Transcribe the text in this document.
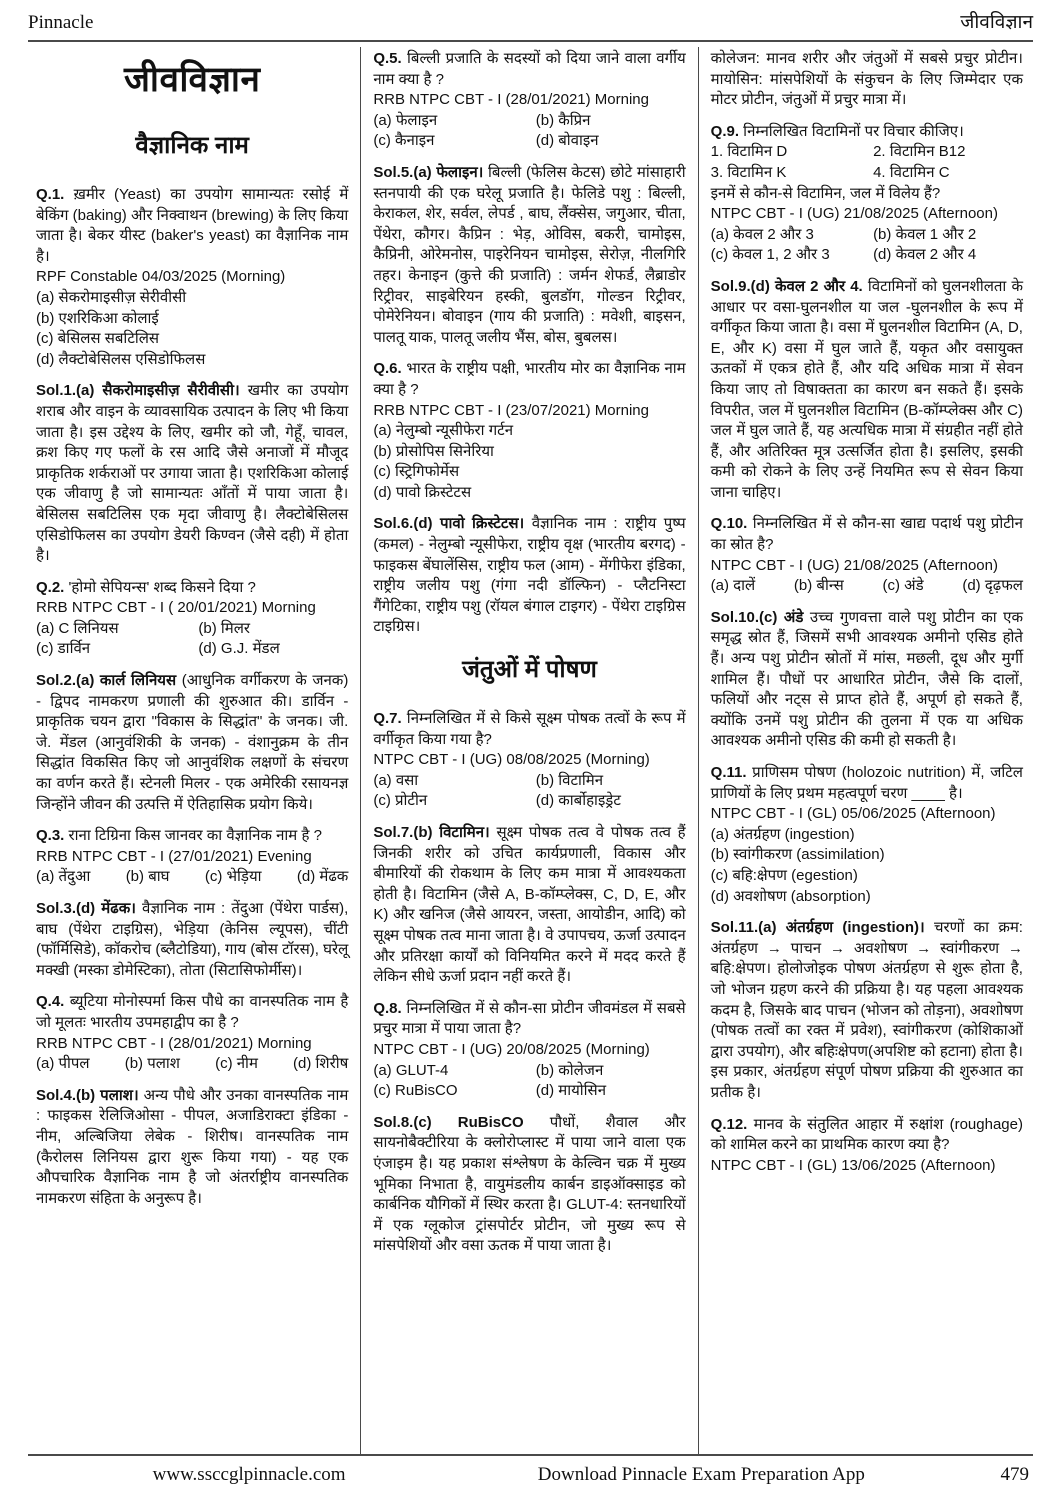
Pinnacle	जीवविज्ञान
जीवविज्ञान
वैज्ञानिक नाम

Q.1. ख़मीर (Yeast) का उपयोग सामान्यतः रसोई में बेकिंग (baking) और निक्वाथन (brewing) के लिए किया जाता है। बेकर यीस्ट (baker's yeast) का वैज्ञानिक नाम है।

RPF Constable 04/03/2025 (Morning)

(a) सेकरोमाइसीज़ सेरीवीसी
(b) एशरिकिआ कोलाई
(c) बेसिलस सबटिलिस
(d) लैक्टोबेसिलस एसिडोफिलस

Sol.1.(a) सैकरोमाइसीज़ सैरीवीसी। खमीर का उपयोग शराब और वाइन के व्यावसायिक उत्पादन के लिए भी किया जाता है। इस उद्देश्य के लिए, खमीर को जौ, गेहूँ, चावल, क्रश किए गए फलों के रस आदि जैसे अनाजों में मौजूद प्राकृतिक शर्कराओं पर उगाया जाता है। एशरिकिआ कोलाई एक जीवाणु है जो सामान्यतः आँतों में पाया जाता है। बेसिलस सबटिलिस एक मृदा जीवाणु है। लैक्टोबेसिलस एसिडोफिलस का उपयोग डेयरी किण्वन (जैसे दही) में होता है।

Q.2. 'होमो सेपियन्स' शब्द किसने दिया ?

RRB NTPC CBT - I ( 20/01/2021) Morning

(a) C लिनियस	(b) मिलर
(c) डार्विन	(d) G.J. मेंडल

Sol.2.(a) कार्ल लिनियस (आधुनिक वर्गीकरण के जनक) - द्विपद नामकरण प्रणाली की शुरुआत की। डार्विन - प्राकृतिक चयन द्वारा "विकास के सिद्धांत" के जनक। जी. जे. मेंडल (आनुवंशिकी के जनक) - वंशानुक्रम के तीन सिद्धांत विकसित किए जो आनुवंशिक लक्षणों के संचरण का वर्णन करते हैं। स्टेनली मिलर - एक अमेरिकी रसायनज्ञ जिन्होंने जीवन की उत्पत्ति में ऐतिहासिक प्रयोग किये।

Q.3. राना टिग्रिना किस जानवर का वैज्ञानिक नाम है ?

RRB NTPC CBT - I (27/01/2021) Evening

(a) तेंदुआ (b) बाघ (c) भेड़िया (d) मेंढक

Sol.3.(d) मेंढक। वैज्ञानिक नाम : तेंदुआ (पेंथेरा पार्डस), बाघ (पेंथेरा टाइग्रिस), भेड़िया (केनिस ल्यूपस), चींटी (फॉर्मिसिडे), कॉकरोच (ब्लैटोडिया), गाय (बोस टॉरस), घरेलू मक्खी (मस्का डोमेस्टिका), तोता (सिटासिफोर्मीस)।

Q.4. ब्यूटिया मोनोस्पर्मा किस पौधे का वानस्पतिक नाम है जो मूलतः भारतीय उपमहाद्वीप का है ?

RRB NTPC CBT - I (28/01/2021) Morning

(a) पीपल (b) पलाश (c) नीम (d) शिरीष

Sol.4.(b) पलाश। अन्य पौधे और उनका वानस्पतिक नाम : फाइकस रेलिजिओसा - पीपल, अजाडिराक्टा इंडिका - नीम, अल्बिजिया लेबेक - शिरीष। वानस्पतिक नाम (कैरोलस लिनियस द्वारा शुरू किया गया) - यह एक औपचारिक वैज्ञानिक नाम है जो अंतर्राष्ट्रीय वानस्पतिक नामकरण संहिता के अनुरूप है।

Q.5. बिल्ली प्रजाति के सदस्यों को दिया जाने वाला वर्गीय नाम क्या है ?

RRB NTPC CBT - I (28/01/2021) Morning

(a) फेलाइन	(b) कैप्रिन
(c) कैनाइन	(d) बोवाइन

Sol.5.(a) फेलाइन। बिल्ली (फेलिस केटस) छोटे मांसाहारी स्तनपायी की एक घरेलू प्रजाति है। फेलिडे पशु : बिल्ली, केराकल, शेर, सर्वल, लेपर्ड , बाघ, लैंक्सेस, जगुआर, चीता, पेंथेरा, कौगर। कैप्रिन : भेड़, ओविस, बकरी, चामोइस, कैप्रिनी, ओरेमनोस, पाइरेनियन चामोइस, सेरोज़, नीलगिरि तहर। केनाइन (कुत्ते की प्रजाति) : जर्मन शेफर्ड, लैब्राडोर रिट्रीवर, साइबेरियन हस्की, बुलडॉग, गोल्डन रिट्रीवर, पोमेरेनियन। बोवाइन (गाय की प्रजाति) : मवेशी, बाइसन, पालतू याक, पालतू जलीय भैंस, बोस, बुबलस।

Q.6. भारत के राष्ट्रीय पक्षी, भारतीय मोर का वैज्ञानिक नाम क्या है ?

RRB NTPC CBT - I (23/07/2021) Morning

(a) नेलुम्बो न्यूसीफेरा गर्टन
(b) प्रोसोपिस सिनेरिया
(c) स्ट्रिगिफोर्मेस
(d) पावो क्रिस्टेटस

Sol.6.(d) पावो क्रिस्टेटस। वैज्ञानिक नाम : राष्ट्रीय पुष्प (कमल) - नेलुम्बो न्यूसीफेरा, राष्ट्रीय वृक्ष (भारतीय बरगद) - फाइकस बेंघालेंसिस, राष्ट्रीय फल (आम) - मेंगीफेरा इंडिका, राष्ट्रीय जलीय पशु (गंगा नदी डॉल्फिन) - प्लैटनिस्टा गैंगेटिका, राष्ट्रीय पशु (रॉयल बंगाल टाइगर) - पेंथेरा टाइग्रिस टाइग्रिस।

जंतुओं में पोषण

Q.7. निम्नलिखित में से किसे सूक्ष्म पोषक तत्वों के रूप में वर्गीकृत किया गया है?

NTPC CBT - I (UG) 08/08/2025 (Morning)

(a) वसा	(b) विटामिन
(c) प्रोटीन	(d) कार्बोहाइड्रेट

Sol.7.(b) विटामिन। सूक्ष्म पोषक तत्व वे पोषक तत्व हैं जिनकी शरीर को उचित कार्यप्रणाली, विकास और बीमारियों की रोकथाम के लिए कम मात्रा में आवश्यकता होती है। विटामिन (जैसे A, B-कॉम्प्लेक्स, C, D, E, और K) और खनिज (जैसे आयरन, जस्ता, आयोडीन, आदि) को सूक्ष्म पोषक तत्व माना जाता है। वे उपापचय, ऊर्जा उत्पादन और प्रतिरक्षा कार्यों को विनियमित करने में मदद करते हैं लेकिन सीधे ऊर्जा प्रदान नहीं करते हैं।

Q.8. निम्नलिखित में से कौन-सा प्रोटीन जीवमंडल में सबसे प्रचुर मात्रा में पाया जाता है?

NTPC CBT - I (UG) 20/08/2025 (Morning)

(a) GLUT-4	(b) कोलेजन
(c) RuBisCO	(d) मायोसिन

Sol.8.(c) RuBisCO पौधों, शैवाल और सायनोबैक्टीरिया के क्लोरोप्लास्ट में पाया जाने वाला एक एंजाइम है। यह प्रकाश संश्लेषण के केल्विन चक्र में मुख्य भूमिका निभाता है, वायुमंडलीय कार्बन डाइऑक्साइड को कार्बनिक यौगिकों में स्थिर करता है। GLUT-4: स्तनधारियों में एक ग्लूकोज ट्रांसपोर्टर प्रोटीन, जो मुख्य रूप से मांसपेशियों और वसा ऊतक में पाया जाता है।

कोलेजन: मानव शरीर और जंतुओं में सबसे प्रचुर प्रोटीन। मायोसिन: मांसपेशियों के संकुचन के लिए जिम्मेदार एक मोटर प्रोटीन, जंतुओं में प्रचुर मात्रा में।

Q.9. निम्नलिखित विटामिनों पर विचार कीजिए।

1. विटामिन D	2. विटामिन B12
3. विटामिन K	4. विटामिन C

इनमें से कौन-से विटामिन, जल में विलेय हैं?

NTPC CBT - I (UG) 21/08/2025 (Afternoon)

(a) केवल 2 और 3	(b) केवल 1 और 2
(c) केवल 1, 2 और 3	(d) केवल 2 और 4

Sol.9.(d) केवल 2 और 4. विटामिनों को घुलनशीलता के आधार पर वसा-घुलनशील या जल -घुलनशील के रूप में वर्गीकृत किया जाता है। वसा में घुलनशील विटामिन (A, D, E, और K) वसा में घुल जाते हैं, यकृत और वसायुक्त ऊतकों में एकत्र होते हैं, और यदि अधिक मात्रा में सेवन किया जाए तो विषाक्तता का कारण बन सकते हैं। इसके विपरीत, जल में घुलनशील विटामिन (B-कॉम्प्लेक्स और C) जल में घुल जाते हैं, यह अत्यधिक मात्रा में संग्रहीत नहीं होते हैं, और अतिरिक्त मूत्र उत्सर्जित होता है। इसलिए, इसकी कमी को रोकने के लिए उन्हें नियमित रूप से सेवन किया जाना चाहिए।

Q.10. निम्नलिखित में से कौन-सा खाद्य पदार्थ पशु प्रोटीन का स्रोत है?

NTPC CBT - I (UG) 21/08/2025 (Afternoon)

(a) दालें	(b) बीन्स	(c) अंडे	(d) दृढ़फल

Sol.10.(c) अंडे उच्च गुणवत्ता वाले पशु प्रोटीन का एक समृद्ध स्रोत हैं, जिसमें सभी आवश्यक अमीनो एसिड होते हैं। अन्य पशु प्रोटीन स्रोतों में मांस, मछली, दूध और मुर्गी शामिल हैं। पौधों पर आधारित प्रोटीन, जैसे कि दालों, फलियों और नट्स से प्राप्त होते हैं, अपूर्ण हो सकते हैं, क्योंकि उनमें पशु प्रोटीन की तुलना में एक या अधिक आवश्यक अमीनो एसिड की कमी हो सकती है।

Q.11. प्राणिसम पोषण (holozoic nutrition) में, जटिल प्राणियों के लिए प्रथम महत्वपूर्ण चरण ____ है।

NTPC CBT - I (GL) 05/06/2025 (Afternoon)

(a) अंतर्ग्रहण (ingestion)
(b) स्वांगीकरण (assimilation)
(c) बहि:क्षेपण (egestion)
(d) अवशोषण (absorption)

Sol.11.(a) अंतर्ग्रहण (ingestion)। चरणों का क्रम: अंतर्ग्रहण → पाचन → अवशोषण → स्वांगीकरण → बहि:क्षेपण। होलोजोइक पोषण अंतर्ग्रहण से शुरू होता है, जो भोजन ग्रहण करने की प्रक्रिया है। यह पहला आवश्यक कदम है, जिसके बाद पाचन (भोजन को तोड़ना), अवशोषण (पोषक तत्वों का रक्त में प्रवेश), स्वांगीकरण (कोशिकाओं द्वारा उपयोग), और बहिःक्षेपण(अपशिष्ट को हटाना) होता है। इस प्रकार, अंतर्ग्रहण संपूर्ण पोषण प्रक्रिया की शुरुआत का प्रतीक है।

Q.12. मानव के संतुलित आहार में रुक्षांश (roughage) को शामिल करने का प्राथमिक कारण क्या है?

NTPC CBT - I (GL) 13/06/2025 (Afternoon)

www.ssccglpinnacle.com	Download Pinnacle Exam Preparation App	479
